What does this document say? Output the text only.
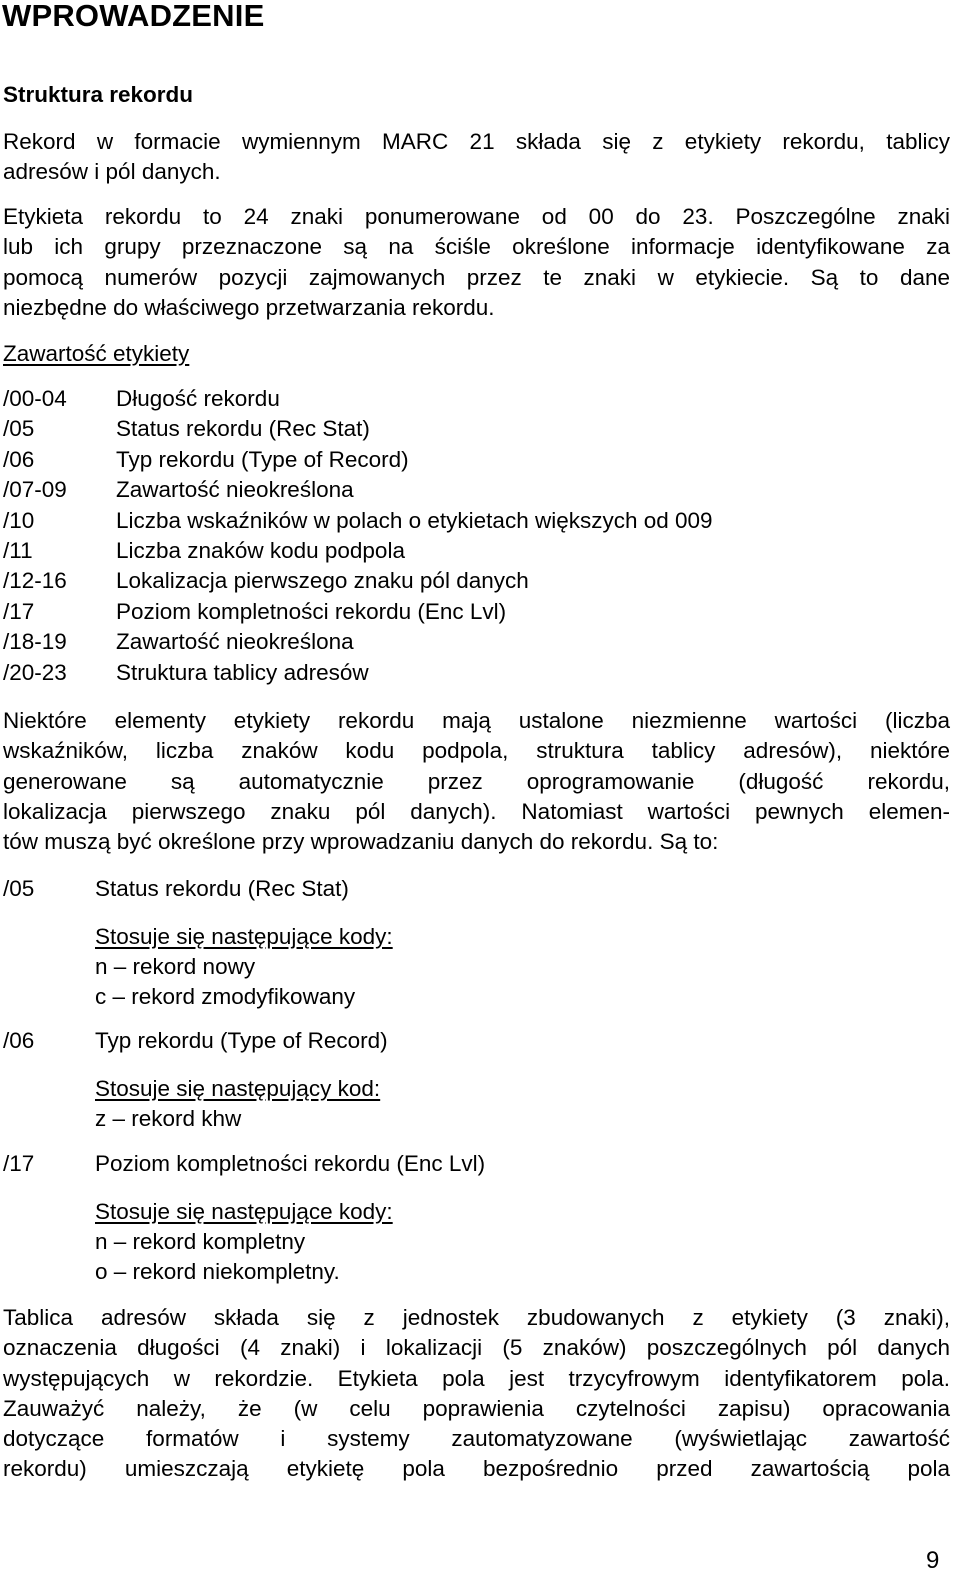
WPROWADZENIE
Struktura rekordu
Rekord w formacie wymiennym MARC 21 składa się z etykiety rekordu, tablicy
adresów i pól danych.
Etykieta rekordu to 24 znaki ponumerowane od 00 do 23. Poszczególne znaki
lub ich grupy przeznaczone są na ściśle określone informacje identyfikowane za
pomocą numerów pozycji zajmowanych przez te znaki w etykiecie. Są to dane
niezbędne do właściwego przetwarzania rekordu.
Zawartość etykiety
/00-04 Długość rekordu
/05	Status rekordu (Rec Stat)
/06	Typ rekordu (Type of Record)
/07-09 Zawartość nieokreślona
/10	Liczba wskaźników w polach o etykietach większych od 009
/11	Liczba znaków kodu podpola
/12-16 Lokalizacja pierwszego znaku pól danych
/17	Poziom kompletności rekordu (Enc Lvl)
/18-19 Zawartość nieokreślona
/20-23 Struktura tablicy adresów
Niektóre elementy etykiety rekordu mają ustalone niezmienne wartości (liczba
wskaźników, liczba znaków kodu podpola, struktura tablicy adresów), niektóre
generowane są automatycznie przez oprogramowanie (długość rekordu,
lokalizacja pierwszego znaku pól danych). Natomiast wartości pewnych elemen-
tów muszą być określone przy wprowadzaniu danych do rekordu. Są to:
/05	Status rekordu (Rec Stat)
Stosuje się następujące kody:
n – rekord nowy
c – rekord zmodyfikowany
/06	Typ rekordu (Type of Record)
Stosuje się następujący kod:
z – rekord khw
/17	Poziom kompletności rekordu (Enc Lvl)
Stosuje się następujące kody:
n – rekord kompletny
o – rekord niekompletny.
Tablica adresów składa się z jednostek zbudowanych z etykiety (3 znaki),
oznaczenia długości (4 znaki) i lokalizacji (5 znaków) poszczególnych pól danych
występujących w rekordzie. Etykieta pola jest trzycyfrowym identyfikatorem pola.
Zauważyć należy, że (w celu poprawienia czytelności zapisu) opracowania
dotyczące formatów i systemy zautomatyzowane (wyświetlając zawartość
rekordu) umieszczają etykietę pola bezpośrednio przed zawartością pola
9
